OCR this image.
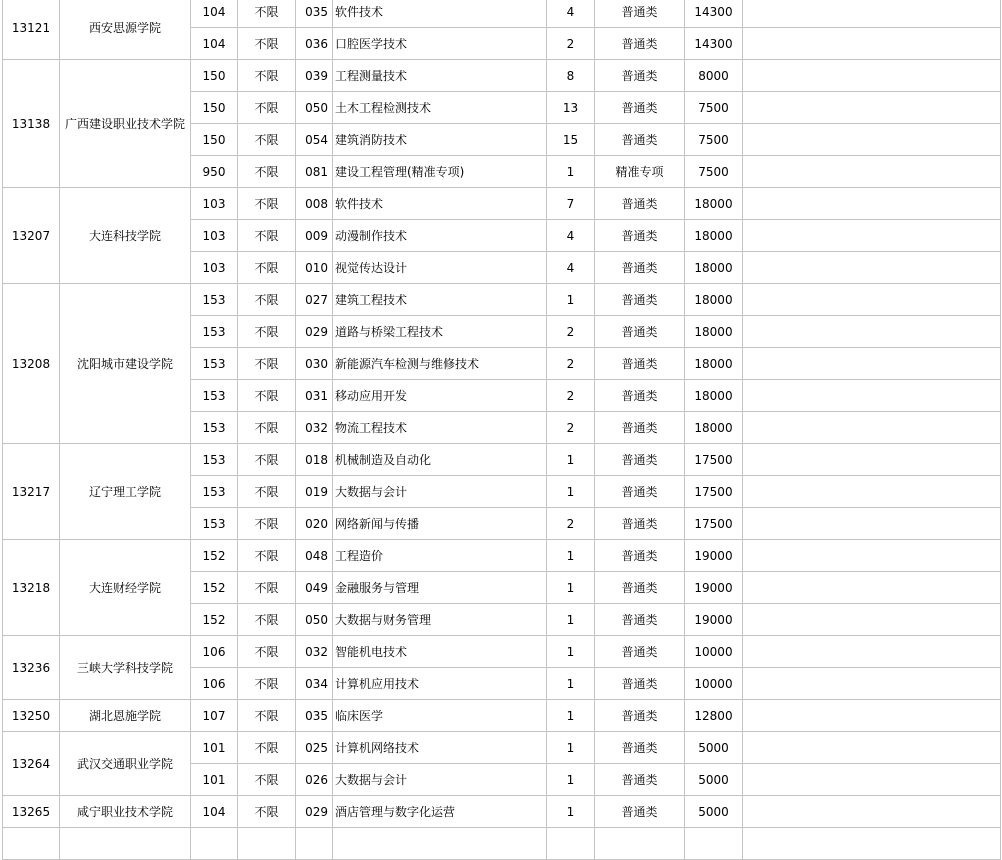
13121	西安思源学院	104	不限	035	软件技术	4	普通类	14300	
		104	不限	036	口腔医学技术	2	普通类	14300	
13138	广西建设职业技术学院	150	不限	039	工程测量技术	8	普通类	8000	
		150	不限	050	土木工程检测技术	13	普通类	7500	
		150	不限	054	建筑消防技术	15	普通类	7500	
		950	不限	081	建设工程管理(精准专项)	1	精准专项	7500	
13207	大连科技学院	103	不限	008	软件技术	7	普通类	18000	
		103	不限	009	动漫制作技术	4	普通类	18000	
		103	不限	010	视觉传达设计	4	普通类	18000	
13208	沈阳城市建设学院	153	不限	027	建筑工程技术	1	普通类	18000	
		153	不限	029	道路与桥梁工程技术	2	普通类	18000	
		153	不限	030	新能源汽车检测与维修技术	2	普通类	18000	
		153	不限	031	移动应用开发	2	普通类	18000	
		153	不限	032	物流工程技术	2	普通类	18000	
13217	辽宁理工学院	153	不限	018	机械制造及自动化	1	普通类	17500	
		153	不限	019	大数据与会计	1	普通类	17500	
		153	不限	020	网络新闻与传播	2	普通类	17500	
13218	大连财经学院	152	不限	048	工程造价	1	普通类	19000	
		152	不限	049	金融服务与管理	1	普通类	19000	
		152	不限	050	大数据与财务管理	1	普通类	19000	
13236	三峡大学科技学院	106	不限	032	智能机电技术	1	普通类	10000	
		106	不限	034	计算机应用技术	1	普通类	10000	
13250	湖北恩施学院	107	不限	035	临床医学	1	普通类	12800	
13264	武汉交通职业学院	101	不限	025	计算机网络技术	1	普通类	5000	
		101	不限	026	大数据与会计	1	普通类	5000	
13265	咸宁职业技术学院	104	不限	029	酒店管理与数字化运营	1	普通类	5000	
